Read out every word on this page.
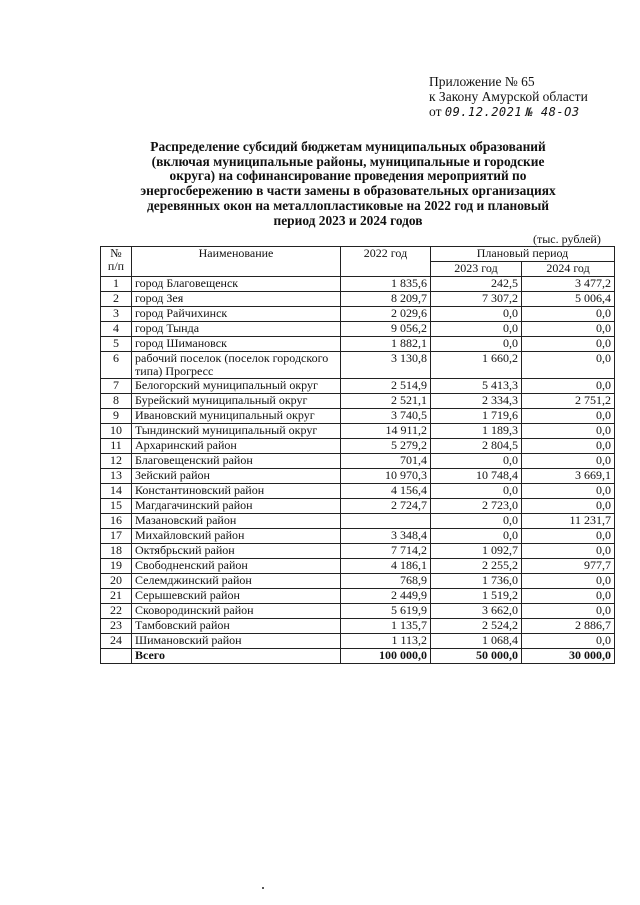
Приложение № 65
к Закону Амурской области
от 09.12.2021 № 48-ОЗ
Распределение субсидий бюджетам муниципальных образований
(включая муниципальные районы, муниципальные и городские
округа) на софинансирование проведения мероприятий по
энергосбережению в части замены в образовательных организациях
деревянных окон на металлопластиковые на 2022 год и плановый
период 2023 и 2024 годов
(тыс. рублей)
№ п/п	Наименование	2022 год	Плановый период	
			2023 год	2024 год
1	город Благовещенск	1 835,6	242,5	3 477,2
2	город Зея	8 209,7	7 307,2	5 006,4
3	город Райчихинск	2 029,6	0,0	0,0
4	город Тында	9 056,2	0,0	0,0
5	город Шимановск	1 882,1	0,0	0,0
6	рабочий поселок (поселок городского типа) Прогресс	3 130,8	1 660,2	0,0
7	Белогорский муниципальный округ	2 514,9	5 413,3	0,0
8	Бурейский муниципальный округ	2 521,1	2 334,3	2 751,2
9	Ивановский муниципальный округ	3 740,5	1 719,6	0,0
10	Тындинский муниципальный округ	14 911,2	1 189,3	0,0
11	Архаринский район	5 279,2	2 804,5	0,0
12	Благовещенский район	701,4	0,0	0,0
13	Зейский район	10 970,3	10 748,4	3 669,1
14	Константиновский район	4 156,4	0,0	0,0
15	Магдагачинский район	2 724,7	2 723,0	0,0
16	Мазановский район		0,0	11 231,7
17	Михайловский район	3 348,4	0,0	0,0
18	Октябрьский район	7 714,2	1 092,7	0,0
19	Свободненский район	4 186,1	2 255,2	977,7
20	Селемджинский район	768,9	1 736,0	0,0
21	Серышевский район	2 449,9	1 519,2	0,0
22	Сковородинский район	5 619,9	3 662,0	0,0
23	Тамбовский район	1 135,7	2 524,2	2 886,7
24	Шимановский район	1 113,2	1 068,4	0,0
	Всего	100 000,0	50 000,0	30 000,0
